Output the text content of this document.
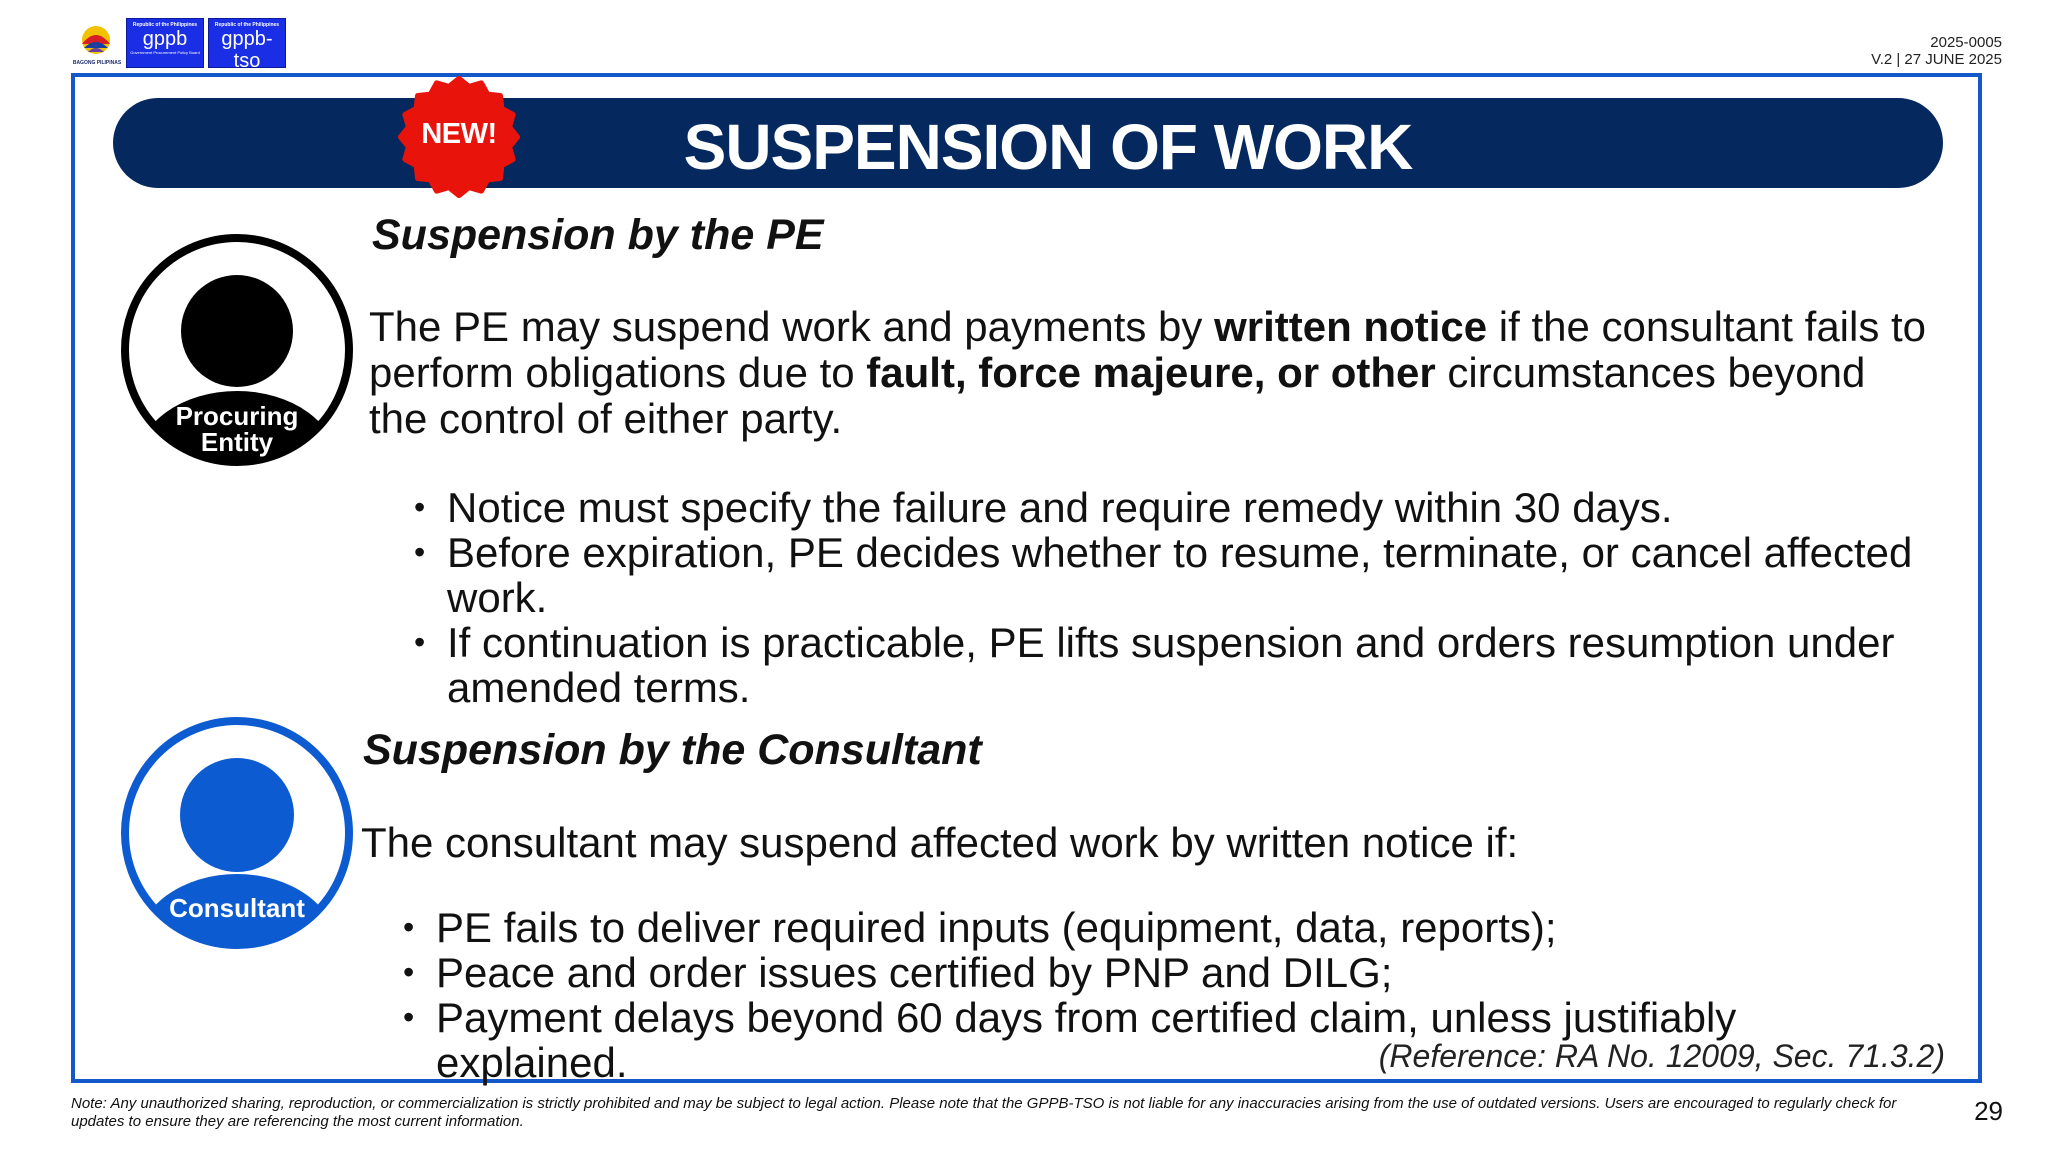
BAGONG PILIPINAS
Republic of the Philippines
gppb
Government Procurement Policy Board
Republic of the Philippines
gppb-tso
Government Procurement Policy Board Technical Support Office
2025-0005
V.2 | 27 JUNE 2025
SUSPENSION OF WORK
NEW!
Procuring
Entity
Consultant
Suspension by the PE
The PE may suspend work and payments by written notice if the consultant fails to perform obligations due to fault, force majeure, or other circumstances beyond the control of either party.
• Notice must specify the failure and require remedy within 30 days.
• Before expiration, PE decides whether to resume, terminate, or cancel affected work.
• If continuation is practicable, PE lifts suspension and orders resumption under amended terms.
Suspension by the Consultant
The consultant may suspend affected work by written notice if:
• PE fails to deliver required inputs (equipment, data, reports);
• Peace and order issues certified by PNP and DILG;
• Payment delays beyond 60 days from certified claim, unless justifiably explained.	(Reference: RA No. 12009, Sec. 71.3.2)
Note: Any unauthorized sharing, reproduction, or commercialization is strictly prohibited and may be subject to legal action. Please note that the GPPB-TSO is not liable for any inaccuracies arising from the use of outdated versions. Users are encouraged to regularly check for updates to ensure they are referencing the most current information.	29
